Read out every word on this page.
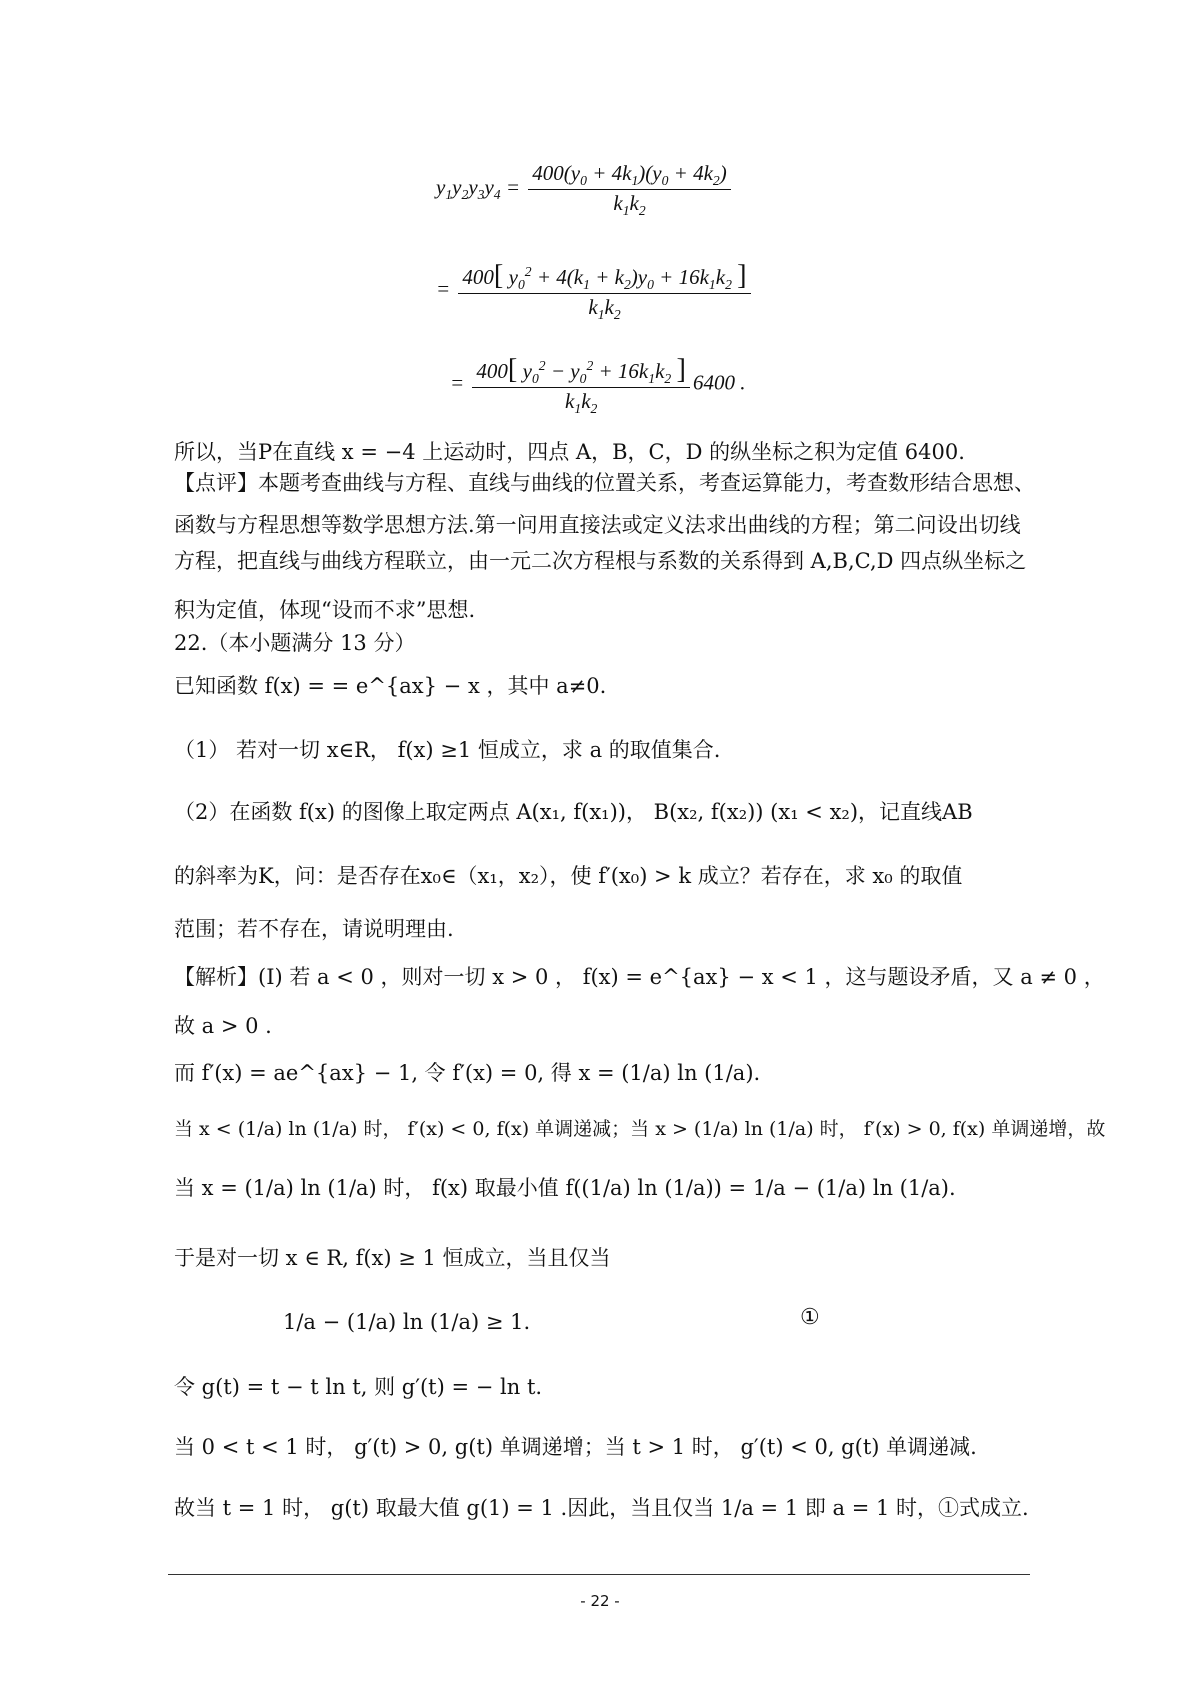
$y_1y_2y_3y_4 = \frac{400(y_0 + 4k_1)(y_0 + 4k_2)}{k_1k_2}$
= $\frac{400[ y_0^2 + 4(k_1 + k_2)y_0 + 16k_1k_2 ]}{k_1k_2}$
= $\frac{400[ y_0^2 - y_0^2 + 16k_1k_2 ]}{k_1k_2} 6400$ .
所以，当P在直线 x = −4 上运动时，四点 A，B，C，D 的纵坐标之积为定值 6400.
【点评】本题考查曲线与方程、直线与曲线的位置关系，考查运算能力，考查数形结合思想、
函数与方程思想等数学思想方法.第一问用直接法或定义法求出曲线的方程；第二问设出切线
方程，把直线与曲线方程联立，由一元二次方程根与系数的关系得到 A,B,C,D 四点纵坐标之
积为定值，体现“设而不求”思想.
22.（本小题满分 13 分）
已知函数 f(x) = = e^{ax} − x ，其中 a≠0.
（1） 若对一切 x∈R， f(x) ≥1 恒成立，求 a 的取值集合.
（2）在函数 f(x) 的图像上取定两点 A(x₁, f(x₁))， B(x₂, f(x₂)) (x₁ < x₂)，记直线AB
的斜率为K，问：是否存在x₀∈（x₁，x₂），使 f′(x₀) > k 成立？若存在，求 x₀ 的取值
范围；若不存在，请说明理由.
【解析】(Ⅰ) 若 a < 0 ，则对一切 x > 0 ， f(x) = e^{ax} − x < 1 ，这与题设矛盾，又 a ≠ 0 ，
故 a > 0 .
而 f′(x) = ae^{ax} − 1, 令 f′(x) = 0, 得 x = (1/a) ln (1/a).
当 x < (1/a) ln (1/a) 时， f′(x) < 0, f(x) 单调递减；当 x > (1/a) ln (1/a) 时， f′(x) > 0, f(x) 单调递增，故
当 x = (1/a) ln (1/a) 时， f(x) 取最小值 f((1/a) ln (1/a)) = 1/a − (1/a) ln (1/a).
于是对一切 x ∈ R, f(x) ≥ 1 恒成立，当且仅当
1/a − (1/a) ln (1/a) ≥ 1.	①
令 g(t) = t − t ln t, 则 g′(t) = − ln t.
当 0 < t < 1 时， g′(t) > 0, g(t) 单调递增；当 t > 1 时， g′(t) < 0, g(t) 单调递减.
故当 t = 1 时， g(t) 取最大值 g(1) = 1 .因此，当且仅当 1/a = 1 即 a = 1 时，①式成立.
- 22 -
